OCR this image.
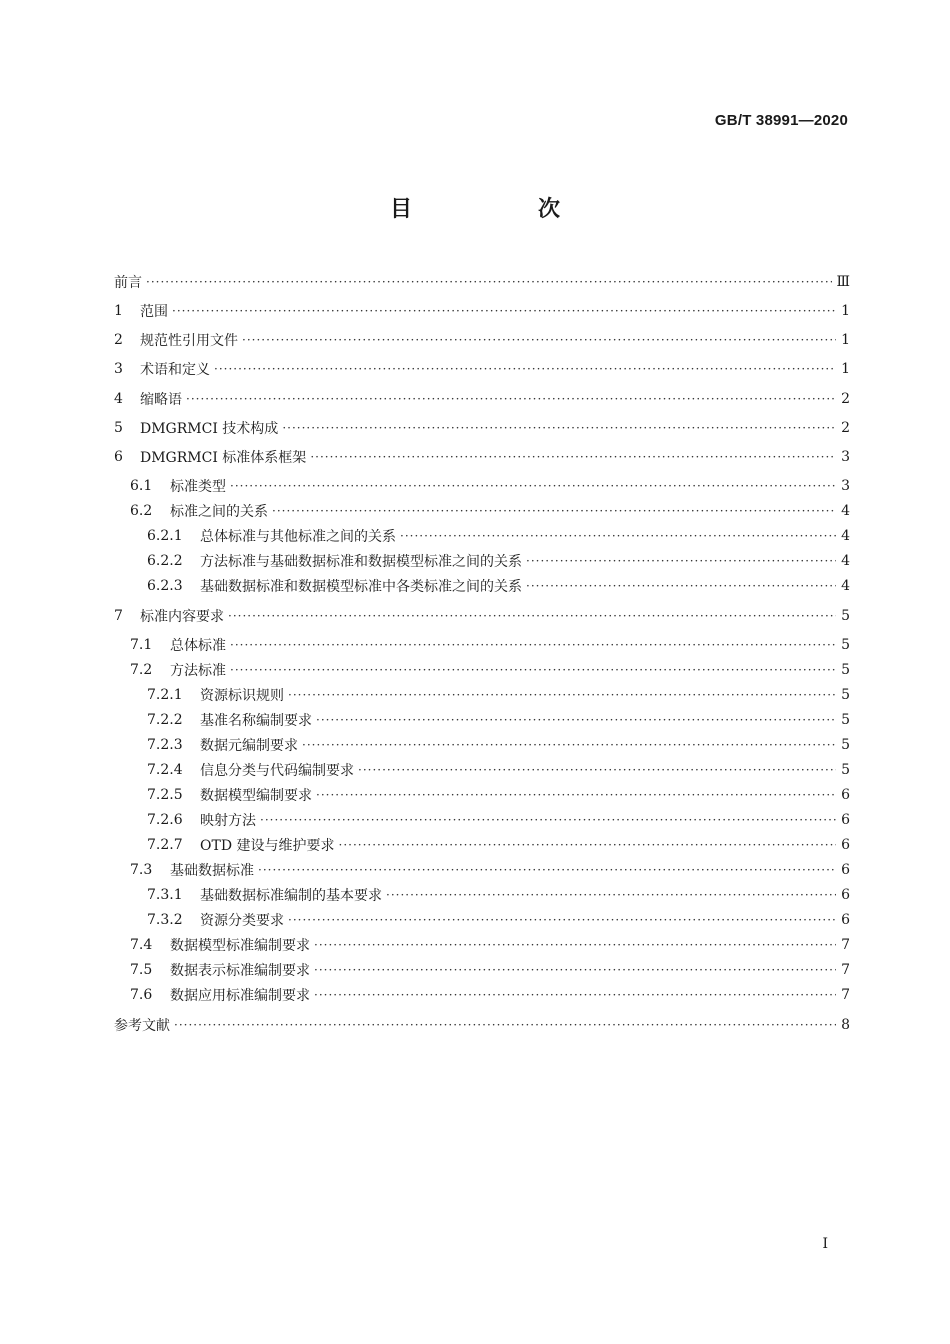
GB/T 38991—2020
目　次
前言 ·····	Ⅲ
1	范围 ·····	1
2	规范性引用文件 ·····	1
3	术语和定义 ·····	1
4	缩略语 ·····	2
5	DMGRMCI 技术构成 ·····	2
6	DMGRMCI 标准体系框架 ·····	3
6.1	标准类型 ·····	3
6.2	标准之间的关系 ·····	4
6.2.1	总体标准与其他标准之间的关系 ·····	4
6.2.2	方法标准与基础数据标准和数据模型标准之间的关系 ·····	4
6.2.3	基础数据标准和数据模型标准中各类标准之间的关系 ·····	4
7	标准内容要求 ·····	5
7.1	总体标准 ·····	5
7.2	方法标准 ·····	5
7.2.1	资源标识规则 ·····	5
7.2.2	基准名称编制要求 ·····	5
7.2.3	数据元编制要求 ·····	5
7.2.4	信息分类与代码编制要求 ·····	5
7.2.5	数据模型编制要求 ·····	6
7.2.6	映射方法 ·····	6
7.2.7	OTD 建设与维护要求 ·····	6
7.3	基础数据标准 ·····	6
7.3.1	基础数据标准编制的基本要求 ·····	6
7.3.2	资源分类要求 ·····	6
7.4	数据模型标准编制要求 ·····	7
7.5	数据表示标准编制要求 ·····	7
7.6	数据应用标准编制要求 ·····	7
参考文献 ·····	8
Ⅰ
